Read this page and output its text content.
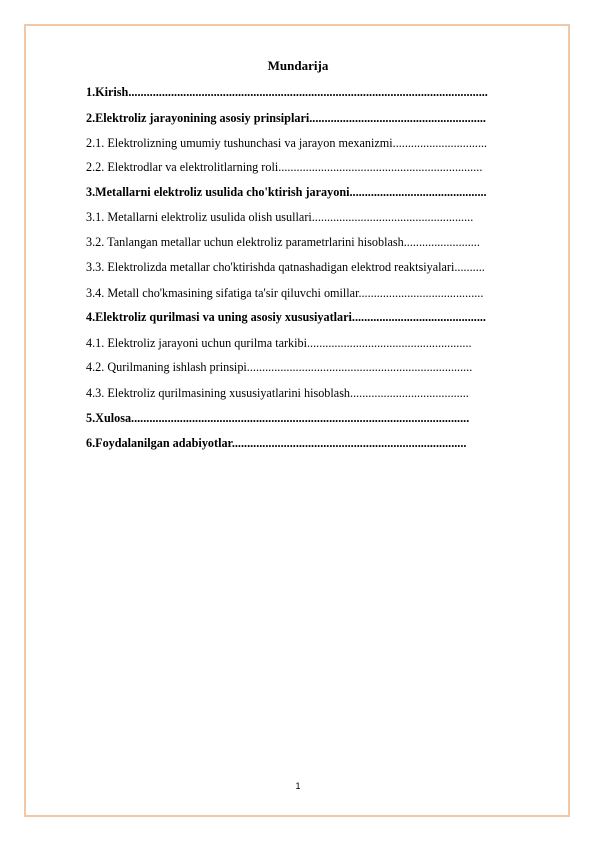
Mundarija
1.Kirish......................................................................................................................
2.Elektroliz jarayonining asosiy prinsiplari..........................................................
2.1. Elektrolizning umumiy tushunchasi va jarayon mexanizmi...............................
2.2. Elektrodlar va elektrolitlarning roli...................................................................
3.Metallarni elektroliz usulida cho'ktirish jarayoni.............................................
3.1. Metallarni elektroliz usulida olish usullari.....................................................
3.2. Tanlangan metallar uchun elektroliz parametrlarini hisoblash.........................
3.3. Elektrolizda metallar cho'ktirishda qatnashadigan elektrod reaktsiyalari..........
3.4. Metall cho'kmasining sifatiga ta'sir qiluvchi omillar.........................................
4.Elektroliz qurilmasi va uning asosiy xususiyatlari............................................
4.1. Elektroliz jarayoni uchun qurilma tarkibi......................................................
4.2. Qurilmaning ishlash prinsipi..........................................................................
4.3. Elektroliz qurilmasining xususiyatlarini hisoblash.......................................
5.Xulosa...............................................................................................................
6.Foydalanilgan adabiyotlar.............................................................................
1
